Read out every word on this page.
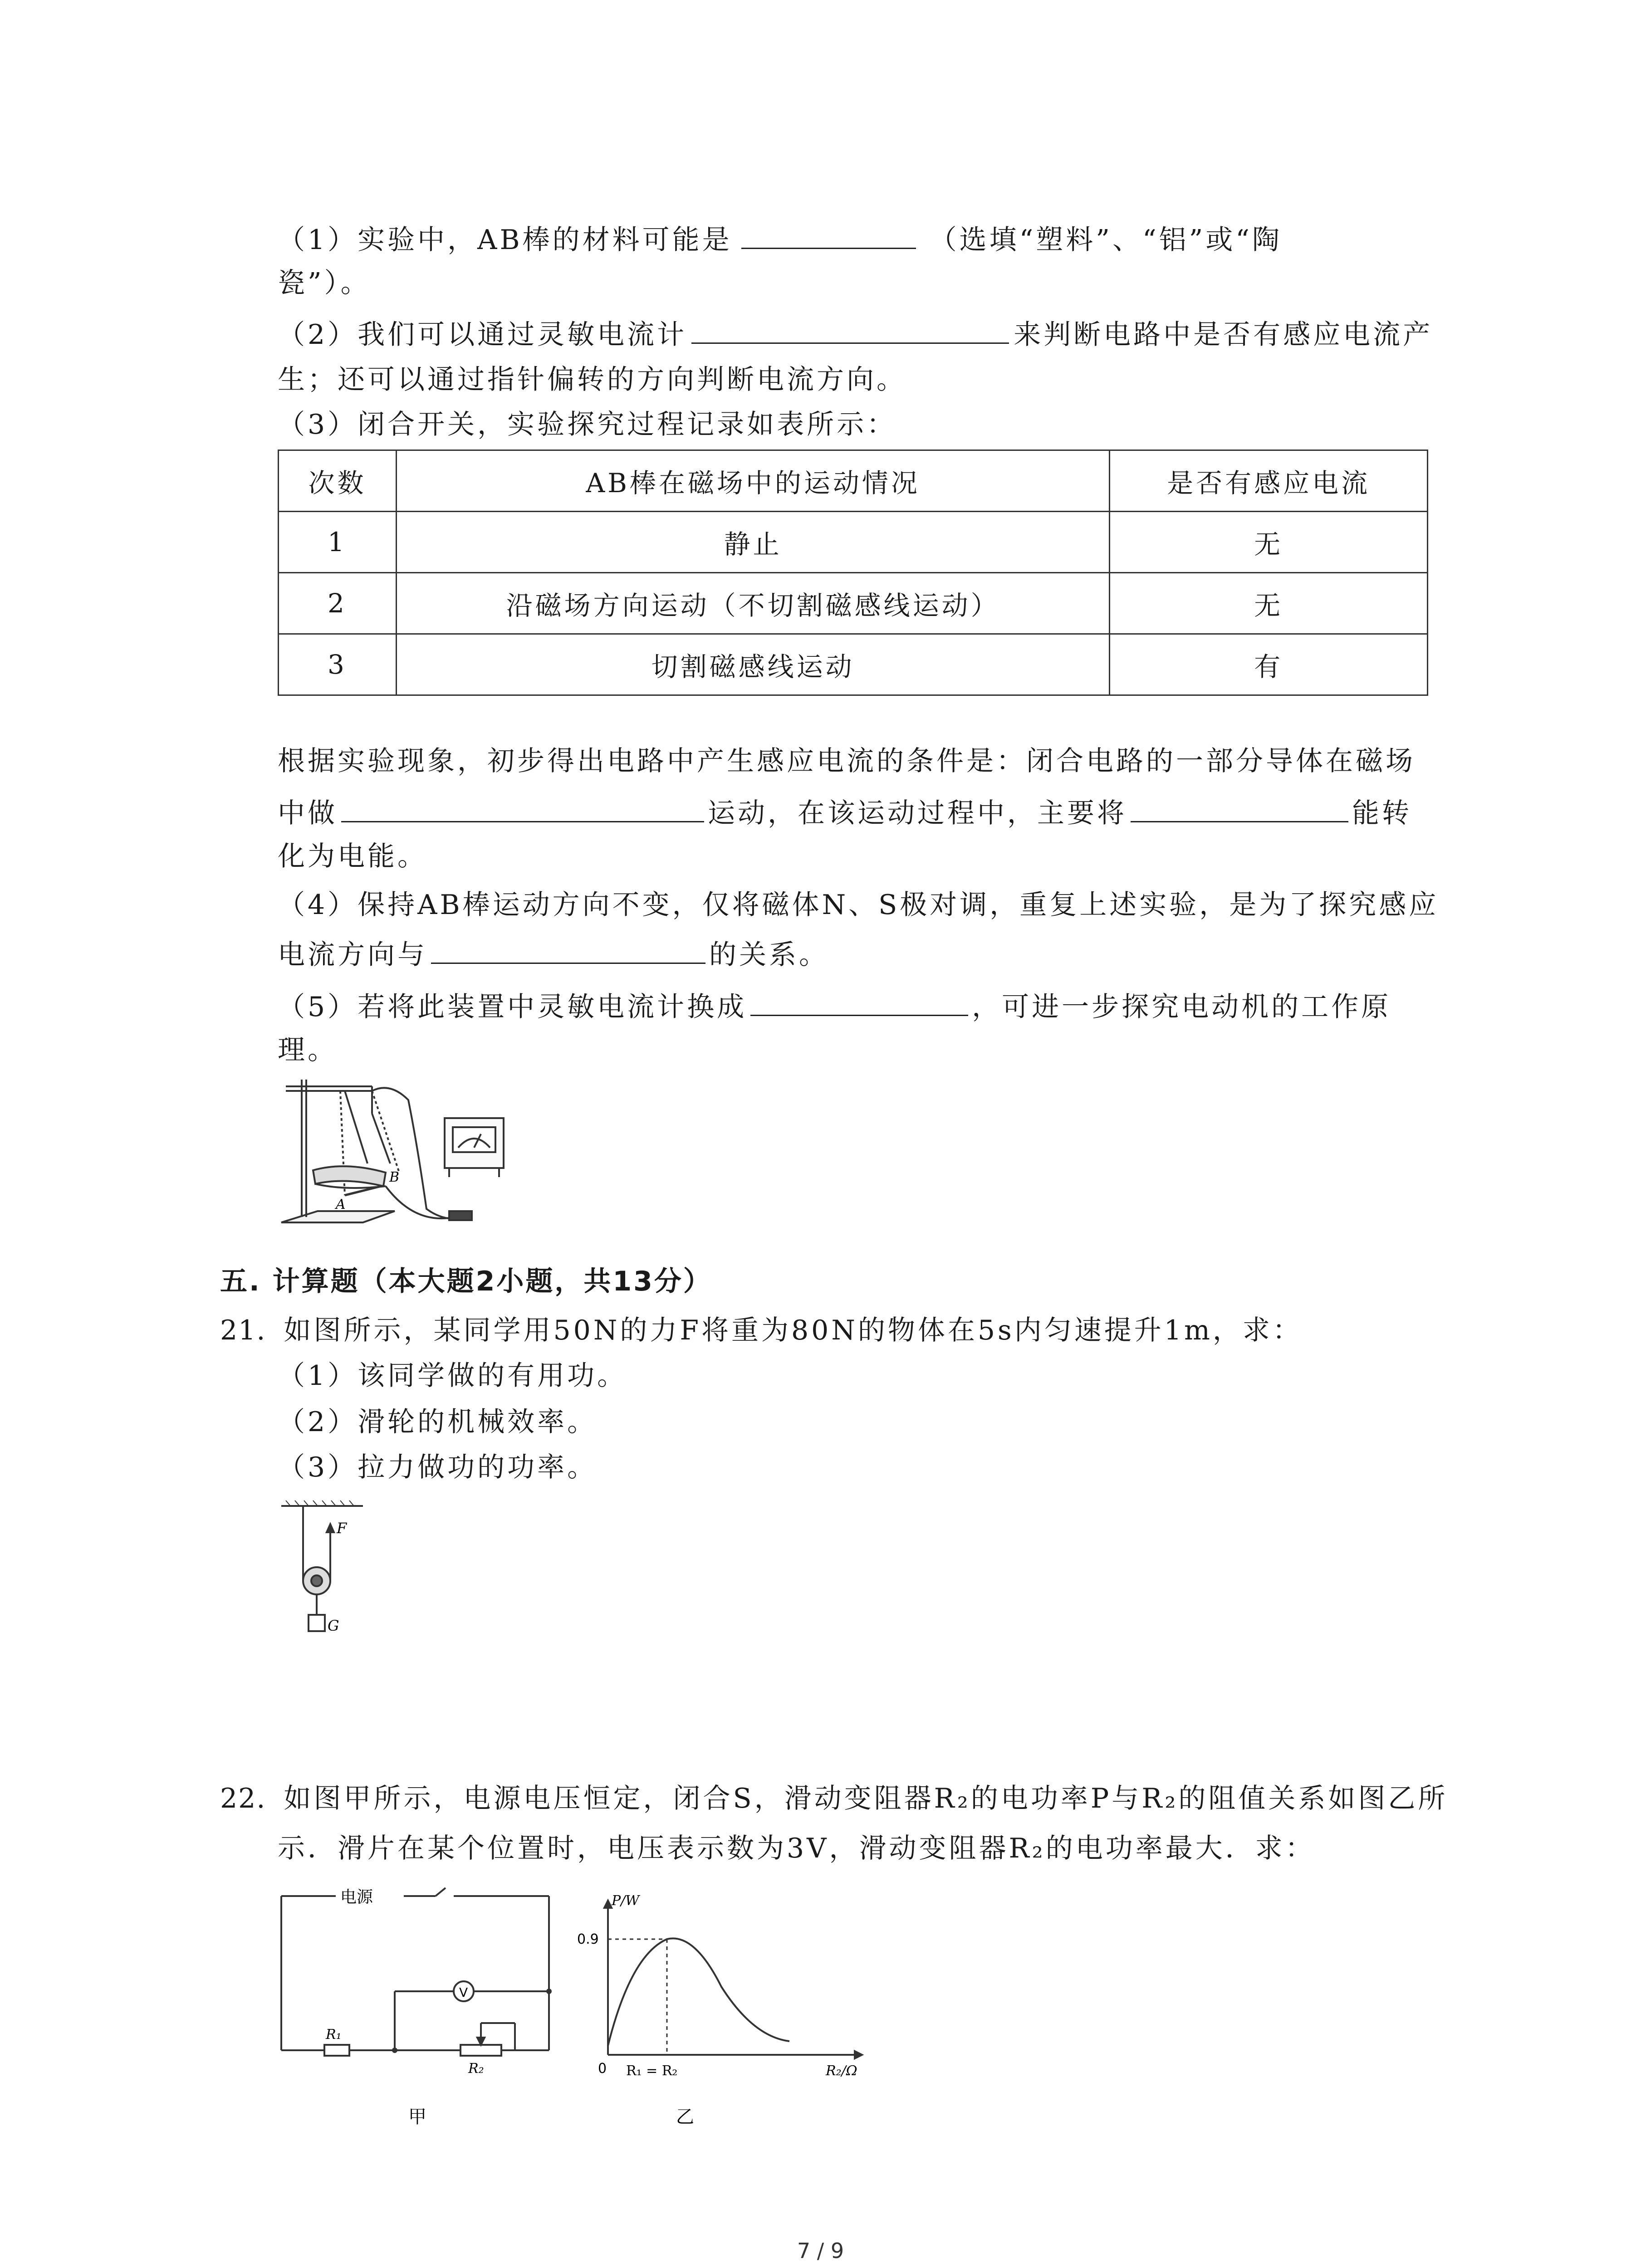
（1）实验中，AB棒的材料可能是	（选填“塑料”、“铝”或“陶
瓷”）。
（2）我们可以通过灵敏电流计	来判断电路中是否有感应电流产
生；还可以通过指针偏转的方向判断电流方向。
（3）闭合开关，实验探究过程记录如表所示：
次数	AB棒在磁场中的运动情况	是否有感应电流
1	静止	无
2	沿磁场方向运动（不切割磁感线运动）	无
3	切割磁感线运动	有
根据实验现象，初步得出电路中产生感应电流的条件是：闭合电路的一部分导体在磁场
中做	运动，在该运动过程中，主要将	能转
化为电能。
（4）保持AB棒运动方向不变，仅将磁体N、S极对调，重复上述实验，是为了探究感应
电流方向与	的关系。
（5）若将此装置中灵敏电流计换成	，可进一步探究电动机的工作原
理。
B
A
五. 计算题（本大题2小题，共13分）
21. 如图所示，某同学用50N的力F将重为80N的物体在5s内匀速提升1m，求：
（1）该同学做的有用功。
（2）滑轮的机械效率。
（3）拉力做功的功率。
F
G
22. 如图甲所示，电源电压恒定，闭合S，滑动变阻器R₂的电功率P与R₂的阻值关系如图乙所
示．滑片在某个位置时，电压表示数为3V，滑动变阻器R₂的电功率最大．求：
电源
V
R₁
R₂
甲
P/W
R₂/Ω
0
0.9
R₁ = R₂
乙
7 / 9
